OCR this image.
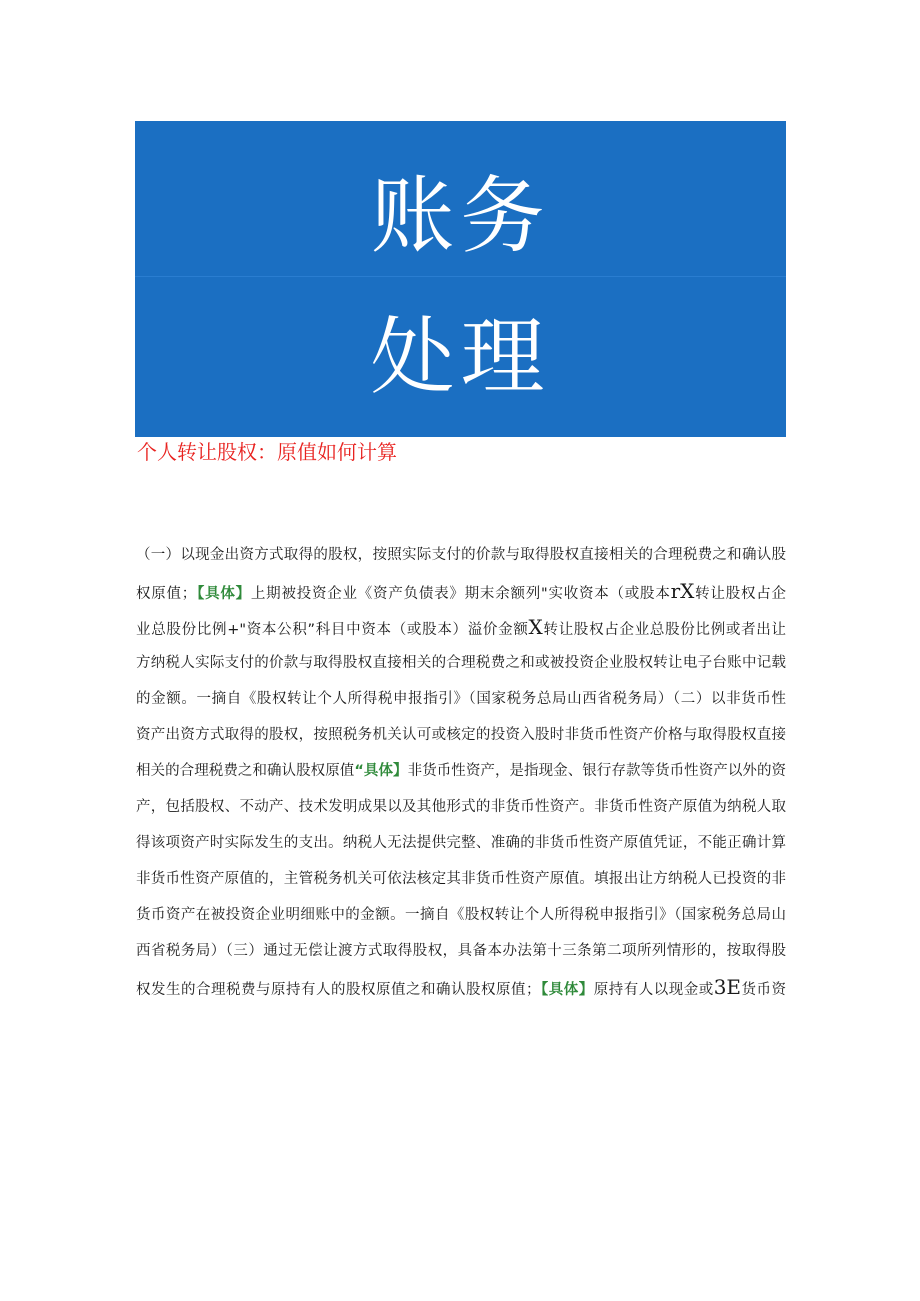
账务
处理
个人转让股权：原值如何计算
（一）以现金出资方式取得的股权，按照实际支付的价款与取得股权直接相关的合理税费之和确认股
权原值；【具体】上期被投资企业《资产负债表》期末余额列"实收资本（或股本rX转让股权占企
业总股份比例+"资本公积”科目中资本（或股本）溢价金额X转让股权占企业总股份比例或者出让
方纳税人实际支付的价款与取得股权直接相关的合理税费之和或被投资企业股权转让电子台账中记载
的金额。一摘自《股权转让个人所得税申报指引》（国家税务总局山西省税务局）（二）以非货币性
资产出资方式取得的股权，按照税务机关认可或核定的投资入股时非货币性资产价格与取得股权直接
相关的合理税费之和确认股权原值“具体】非货币性资产，是指现金、银行存款等货币性资产以外的资
产，包括股权、不动产、技术发明成果以及其他形式的非货币性资产。非货币性资产原值为纳税人取
得该项资产时实际发生的支出。纳税人无法提供完整、准确的非货币性资产原值凭证，不能正确计算
非货币性资产原值的，主管税务机关可依法核定其非货币性资产原值。填报出让方纳税人已投资的非
货币资产在被投资企业明细账中的金额。一摘自《股权转让个人所得税申报指引》（国家税务总局山
西省税务局）（三）通过无偿让渡方式取得股权，具备本办法第十三条第二项所列情形的，按取得股
权发生的合理税费与原持有人的股权原值之和确认股权原值；【具体】原持有人以现金或3E货币资
